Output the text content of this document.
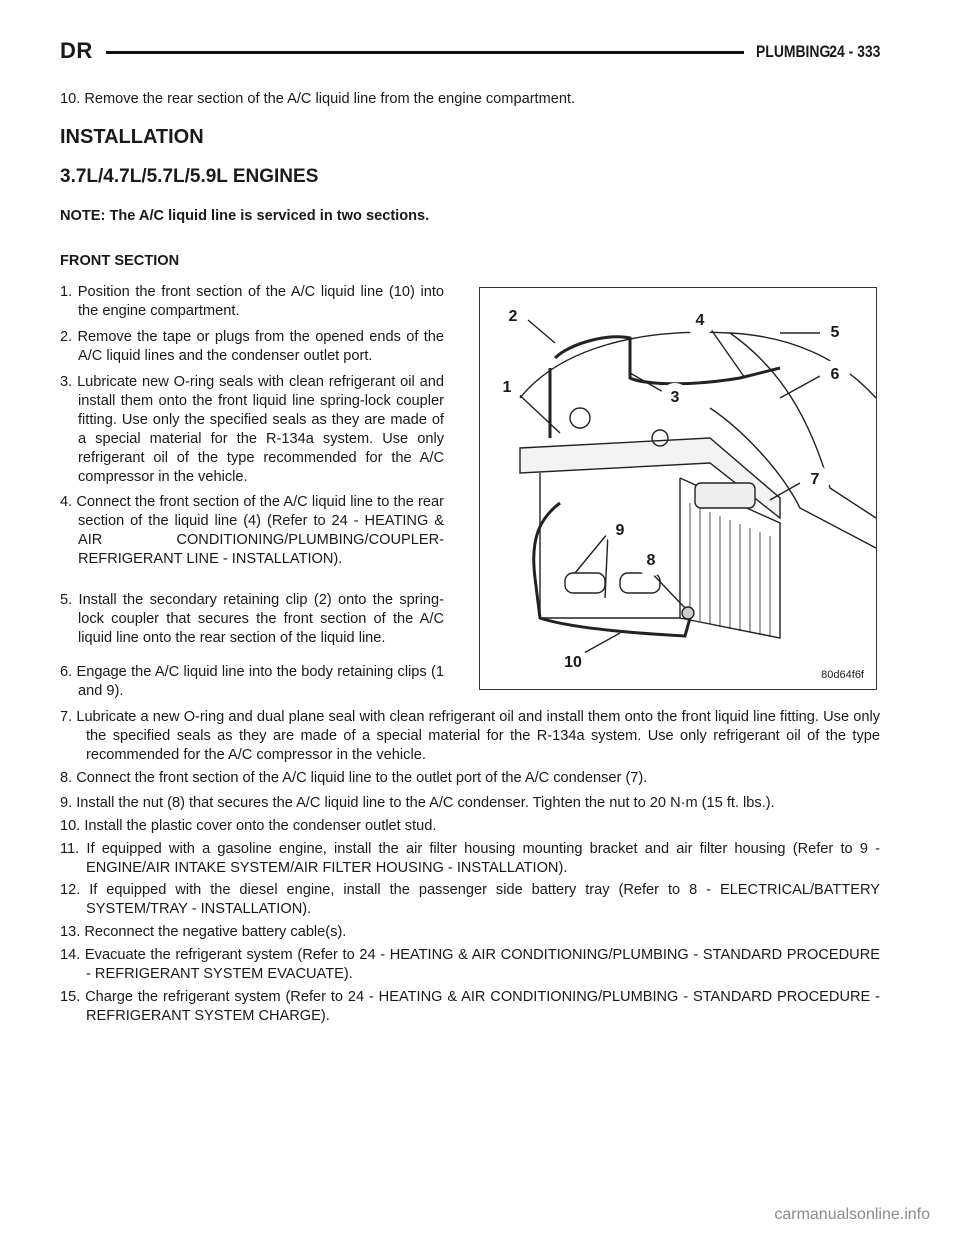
DR	PLUMBING
24 - 333
10. Remove the rear section of the A/C liquid line from the engine compartment.
INSTALLATION
3.7L/4.7L/5.7L/5.9L ENGINES
NOTE: The A/C liquid line is serviced in two sections.
FRONT SECTION
1. Position the front section of the A/C liquid line (10) into the engine compartment.
2. Remove the tape or plugs from the opened ends of the A/C liquid lines and the condenser outlet port.
3. Lubricate new O-ring seals with clean refrigerant oil and install them onto the front liquid line spring-lock coupler fitting. Use only the specified seals as they are made of a special material for the R-134a system. Use only refrigerant oil of the type recommended for the A/C compressor in the vehicle.
4. Connect the front section of the A/C liquid line to the rear section of the liquid line (4) (Refer to 24 - HEATING & AIR CONDITIONING/PLUMBING/COUPLER-REFRIGERANT LINE - INSTALLATION).
5. Install the secondary retaining clip (2) onto the spring-lock coupler that secures the front section of the A/C liquid line onto the rear section of the liquid line.
6. Engage the A/C liquid line into the body retaining clips (1 and 9).
2	4
5
6
1
3
7
9
8
10
80d64f6f
7. Lubricate a new O-ring and dual plane seal with clean refrigerant oil and install them onto the front liquid line fitting. Use only the specified seals as they are made of a special material for the R-134a system. Use only refrigerant oil of the type recommended for the A/C compressor in the vehicle.
8. Connect the front section of the A/C liquid line to the outlet port of the A/C condenser (7).
9. Install the nut (8) that secures the A/C liquid line to the A/C condenser. Tighten the nut to 20 N·m (15 ft. lbs.).
10. Install the plastic cover onto the condenser outlet stud.
11. If equipped with a gasoline engine, install the air filter housing mounting bracket and air filter housing (Refer to 9 - ENGINE/AIR INTAKE SYSTEM/AIR FILTER HOUSING - INSTALLATION).
12. If equipped with the diesel engine, install the passenger side battery tray (Refer to 8 - ELECTRICAL/BATTERY SYSTEM/TRAY - INSTALLATION).
13. Reconnect the negative battery cable(s).
14. Evacuate the refrigerant system (Refer to 24 - HEATING & AIR CONDITIONING/PLUMBING - STANDARD PROCEDURE - REFRIGERANT SYSTEM EVACUATE).
15. Charge the refrigerant system (Refer to 24 - HEATING & AIR CONDITIONING/PLUMBING - STANDARD PROCEDURE - REFRIGERANT SYSTEM CHARGE).
carmanualsonline.info
